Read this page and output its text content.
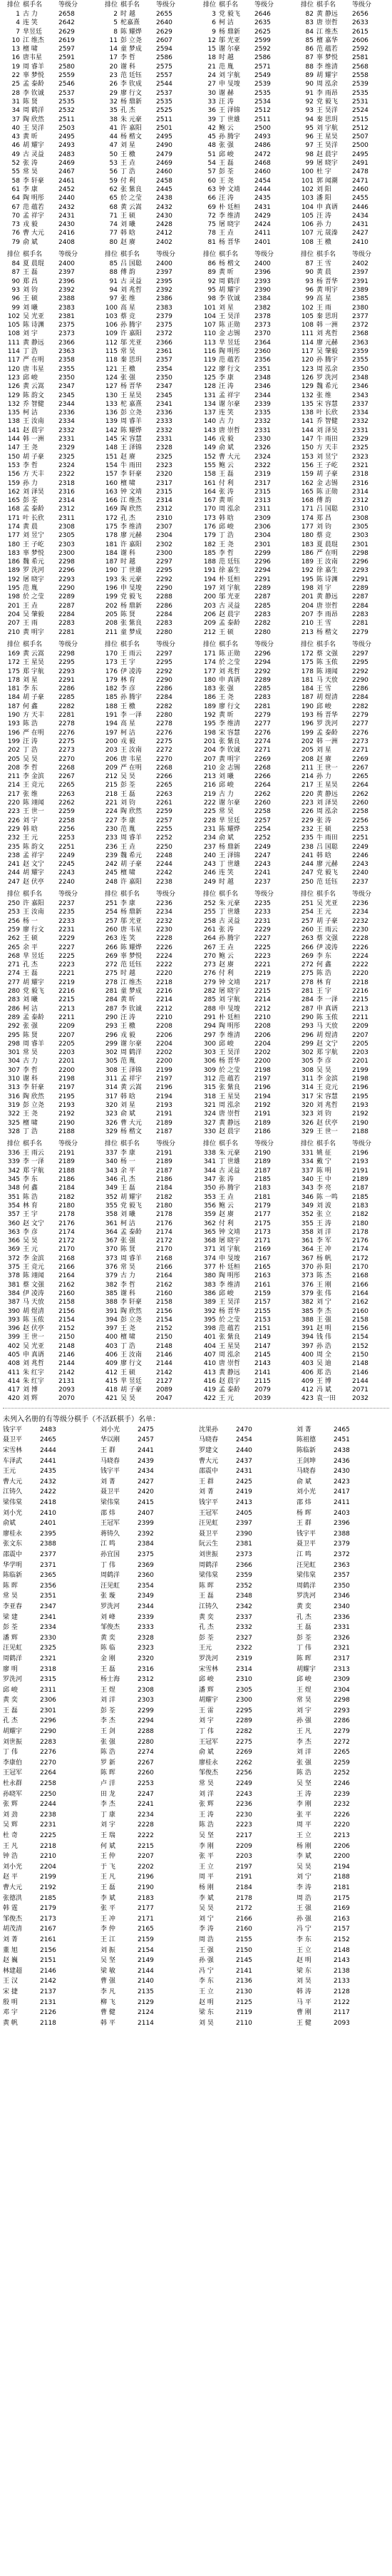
排位 棋手名	等级分
1 古 力	2658
4 连 笑	2642
7 芈昱廷	2629
10 江 维杰 2619
13 檀 啸	2597
16 唐韦星	2591
19 周 睿羊 2580
22 辜 梦悦 2559
25 孟 泰龄 2546
28 李 钦诚 2537
31 陈 贤	2535
34 周 鹤洋 2532
37 陶 欣然 2511
40 王 昊洋 2503
43 黄 昕	2495
46 胡 耀宇 2493
49 古 灵益 2483
52 张 涛	2469
55 常 昊	2467
58 李 轩豪 2461
61 李 康	2452
64 陶 明彤 2440
67 范 蕴若 2432
70 孟 祥宇 2431
73 戎 毅	2430
76 曹 大元 2416
79 俞 斌	2408
排位 棋手名	等级分
2 时 越	2655
5 柁嘉熹	2640
8 陈 耀烨 2629
11 彭 立尧 2607
14 童 梦成 2594
17 李 哲	2586
20 谢 科	2575
23 范 廷钰 2557
26 李 钦成 2544
29 廖 行文 2537
32 杨 鼎新 2535
35 孔 杰	2525
38 朱 元豪 2511
41 许 嘉阳 2501
44 杨 楷文 2495
47 刘 星	2490
50 王 檄	2479
53 王 垚	2469
56 丁 浩	2460
59 付 利	2458
62 张 紫良 2445
65 於 之莹 2438
68 黄 云嵩 2432
71 王 硕	2430
74 刘 曦	2428
77 韩 晗	2412
80 赵 赓	2402
排位 棋手名	等级分
3 党 毅飞 2646
6 柯 洁	2635
9 杨 鼎新 2625
12 邬 光亚 2599
15 谢 尔豪 2592
18 时 越	2586
21 范 胤	2571
24 刘 宇航 2549
27 申 旻埈 2539
30 谢 赫	2535
33 汪 涛	2534
36 王 泽锦 2512
39 丁 世雄 2511
42 鲍 云	2500
45 孙 腾宇 2493
48 张 强	2486
51 邱 峻	2472
54 王 磊	2468
57 彭 荃	2460
60 王 尧	2454
63 钟 文靖 2444
66 汪 涛	2435
69 朴 廷桓 2431
72 李 维清 2429
75 屠 晓宇 2424
78 王 垚	2411
81 杨 晋华 2401
排位 棋手名	等级分
82 黄 静远 2656
83 唐 崇哲 2633
84 江 维杰 2615
85 檀 嘉华 2606
86 范 蕴若 2592
87 辜 梦悦 2581
88 李 维清 2568
89 胡 耀宇 2558
90 周 泓余 2539
91 李 雨昂 2535
92 党 毅飞 2531
93 王 昊洋 2524
94 秦 思玥 2515
95 刘 宇航 2512
96 王 星昊 2507
97 王 昊洋 2500
98 赵 晨宇 2495
99 屠 晓宇 2491
100 杜 宇	2478
101 郭 闻潮 2471
102 刘 阳	2460
103 潘 阳	2455
104 申 真谞 2446
105 汪 涛	2434
106 孙 力	2431
107 元 晟溱 2427
108 王 檄	2410
排位 棋手名	等级分
84 夏 晨琨 2400
87 王 磊	2397
90 郑 昌	2396
93 刘 钧	2392
96 王 硕	2388
99 刘 曦	2383
102 吴 光亚 2381
105 陈 诗渊 2375
108 刘 宇	2373
111 黄 静远 2366
114 丁 浩	2363
117 严 在明 2358
120 唐 韦星 2355
123 邱 峻	2350
126 黄 云嵩 2347
129 陈 韵文 2345
132 乔 智健 2344
135 柯 洁	2336
138 王 汝南 2334
141 赵 晨宇 2332
144 韩 一洲 2331
147 王 尧	2329
150 胡 子豪 2325
153 李 哲	2324
156 方 天丰 2322
159 孙 力	2318
162 刘 泽昊 2316
165 彭 荃	2314
168 孟 泰龄 2312
171 叶 长欣 2311
174 黄 晨	2308
177 刘 昱宁 2305
180 王 子屹 2303
183 辜 梦悦 2300
186 魏 希元 2298
189 罗 洗河 2296
192 屠 晓宇 2293
195 范 胤	2290
198 於 之莹 2289
201 王 垚	2287
204 吴 肇毅 2284
207 王 雨	2283
210 黄 明宇 2281
排位 棋手名	等级分
85 吕 国聪 2400
88 傅 韵	2397
91 古 灵益 2395
94 刘 兆哲 2392
97 张 维	2386
100 高 星	2383
103 蔡 竞	2379
106 孙 腾宇 2375
109 许 嘉阳 2372
112 邬 光亚 2366
115 常 昊	2361
118 秦 思玥 2357
121 王 檄	2354
124 张 强	2350
127 杨 晋华 2347
130 王 星昊 2345
133 柁 嘉熹 2341
136 彭 立尧 2336
139 周 睿羊 2333
142 陈 耀烨 2332
145 宋 容慧 2331
148 王 泽锦 2328
151 赵 赓	2325
154 牛 雨田 2323
157 李 轩豪 2320
160 檀 啸	2317
163 钟 文靖 2315
166 江 维杰 2314
169 陶 欣然 2312
172 孔 杰	2310
175 李 维清 2307
178 廖 元赫 2304
181 许 嘉阳 2302
184 谢 科	2300
187 时 越	2297
190 丁 世雄 2295
193 朱 元豪 2292
196 申 旻埈 2290
199 党 毅飞 2288
202 杨 鼎新 2286
205 陈 贤	2284
208 张 紫良 2283
211 童 梦成 2280
排位 棋手名	等级分
86 杨 楷文 2400
89 黄 昕	2396
92 周 鹤洋 2393
95 胡 耀宇 2390
98 李 钦诚 2384
101 刘 星	2382
104 王 昊洋 2378
107 陈 正勋 2373
110 金 志锡 2370
113 芈 昱廷 2364
116 陶 明彤 2360
119 范 蕴若 2356
122 廖 行文 2351
125 李 康	2348
128 汪 涛	2346
131 孟 祥宇 2344
134 谢 尔豪 2339
137 连 笑	2335
140 古 力	2332
143 唐 崇哲 2331
146 戎 毅	2330
149 俞 斌	2326
152 曹 大元 2324
155 鲍 云	2322
158 王 磊	2319
161 付 利	2317
164 张 涛	2315
167 黄 昕	2313
170 周 泓余 2311
173 韩 晗	2309
176 邱 峻	2306
179 丁 浩	2304
182 王 尧	2301
185 李 哲	2299
188 范 廷钰 2296
191 徐 嘉生 2294
194 朴 廷桓 2291
197 刘 宇航 2289
200 邬 光亚 2287
203 古 灵益 2285
206 赵 晨宇 2283
209 孟 泰龄 2282
212 王 硕	2280
排位 棋手名	等级分
87 王 雪	2402
90 黄 晨	2397
93 杨 晋华 2391
96 黄 明宇 2389
99 高 星	2385
102 王 雨	2380
105 秦 思玥 2377
108 韩 一洲 2372
111 刘 兆哲 2368
114 廖 元赫 2363
117 吴 肇毅 2359
120 孙 腾宇 2355
123 周 泓余 2350
126 罗 洗河 2348
129 魏 希元 2346
132 张 维	2343
135 宋 容慧 2337
138 叶 长欣 2334
141 乔 智健 2332
144 刘 泽昊 2331
147 牛 雨田 2329
150 方 天丰 2325
153 刘 昱宁 2323
156 王 子屹 2321
159 胡 子豪 2318
162 金 志锡 2316
165 陈 正勋 2314
168 傅 韵	2312
171 吕 国聪 2310
174 郑 昌	2308
177 刘 钧	2305
180 蔡 竞	2303
183 夏 晨琨 2301
186 严 在明 2298
189 王 汝南 2296
192 徐 嘉生 2293
195 陈 诗渊 2291
198 刘 宇	2289
201 黄 静远 2287
204 唐 崇哲 2284
207 李 雨昂 2283
210 王 雪	2281
213 杨 楷文 2279
排位 棋手名	等级分
169 黄 云嵩 2298
172 王 星昊 2295
175 郑 宇航 2293
178 刘 星	2291
181 李 东	2286
184 胡 子豪 2285
187 何 鑫	2282
190 方 天丰 2281
193 陈 浩	2278
196 严 在明 2276
199 汪 涛	2275
202 丁 浩	2273
205 吴 昊	2270
208 李 哲	2268
211 李 金滨 2267
214 王 竞元 2265
217 张 维	2263
220 陈 翊闻 2262
223 王 世一 2259
226 刘 宇	2258
229 韩 晗	2256
232 王 元	2253
235 陈 韵文 2251
238 孟 祥宇 2249
241 赵 文宁 2245
244 胡 耀宇 2243
247 赵 伏亭 2240
排位 棋手名	等级分
170 王 雨云 2297
173 王 宇	2295
176 伊 凌涛 2292
179 林 育	2290
182 李 彦	2286
185 孙 腾宇 2284
188 王 檄	2282
191 李 一泽 2280
194 高 星	2278
197 柯 洁	2276
200 戎 毅	2275
203 王 汝南 2272
206 唐 韦星 2270
209 严 在明 2268
212 吴 昊	2266
215 彭 荃	2265
218 王 磊	2263
221 刘 钧	2261
224 陶 欣然 2259
227 李 康	2257
230 范 胤	2255
233 周 睿羊 2252
236 王 垚	2250
239 魏 希元 2248
242 胡 子豪 2244
245 檀 啸	2242
248 许 嘉阳 2238
排位 棋手名	等级分
171 陈 正勋 2296
174 於 之莹 2294
177 刘 兆哲 2292
180 申 真谞 2289
183 张 强	2285
186 王 尧	2283
189 廖 行文 2281
192 黄 昕	2279
195 李 维清 2277
198 宋 容慧 2276
201 张 紫良 2274
204 李 钦诚 2271
207 黄 明宇 2269
210 金 志锡 2268
213 刘 曦	2266
216 邱 峻	2264
219 古 力	2262
222 谢 尔豪 2260
225 常 昊	2258
228 芈 昱廷 2257
231 陈 耀烨 2254
234 俞 斌	2252
237 杨 鼎新 2249
240 王 泽锦 2247
243 丁 世雄 2243
246 连 笑	2241
249 时 越	2237
排位 棋手名	等级分
172 蔡 文强 2297
175 陈 玉侬 2295
178 陈 翊闻 2292
181 马 天放 2290
184 王 雪	2286
187 胡 煜清 2284
190 邱 峻	2282
193 杨 晋华 2279
196 罗 洗河 2277
199 孟 泰龄 2276
202 韩 一洲 2273
205 刘 星	2271
208 赵 赓	2269
211 王 世一 2267
214 孙 力	2265
217 王 星昊 2264
220 黄 静远 2262
223 刘 泽昊 2260
226 周 泓余 2258
229 张 涛	2256
232 王 硕	2253
235 牛 雨田 2251
238 吕 国聪 2249
241 韩 晗	2246
244 廖 元赫 2243
247 党 毅飞 2240
250 范 廷钰 2237
排位 棋手名	等级分
250 许 嘉阳 2237
253 王 汝南 2235
256 杨 一	2233
259 廖 行文 2231
262 王 硕	2229
265 余 平	2227
268 芈 昱廷 2225
271 孔 杰	2223
274 王 磊	2221
277 胡 耀宇 2219
280 党 毅飞 2216
283 刘 曦	2215
286 柯 洁	2213
289 孟 泰龄 2211
292 张 强	2209
295 陈 贤	2207
298 周 睿羊 2205
301 常 昊	2203
304 古 力	2201
307 李 哲	2200
310 谢 科	2198
313 李 轩豪 2197
316 陶 欣然 2195
319 彭 立尧 2193
322 王 尧	2192
325 檀 啸	2190
328 丁 浩	2188
排位 棋手名	等级分
251 李 康	2236
254 杨 鼎新 2234
257 邬 光亚 2232
260 唐 韦星 2230
263 连 笑	2228
266 陈 耀烨 2226
269 辜 梦悦 2224
272 范 廷钰 2222
275 时 越	2220
278 江 维杰 2218
281 童 梦成 2216
284 黄 昕	2214
287 李 钦诚 2212
290 汪 涛	2210
293 王 檄	2208
296 戎 毅	2206
299 谢 尔豪 2204
302 周 鹤洋 2202
305 范 胤	2200
308 王 泽锦 2199
311 孟 祥宇 2197
314 黄 云嵩 2196
317 韩 晗	2194
320 刘 星	2193
323 俞 斌	2191
326 曹 大元 2189
329 杨 楷文 2187
排位 棋手名	等级分
252 朱 元豪 2235
255 丁 世雄 2233
258 古 灵益 2231
261 张 涛	2229
264 孙 腾宇 2227
267 王 垚	2225
270 鲍 云	2223
273 赵 赓	2221
276 付 利	2219
279 钟 文靖 2217
282 屠 晓宇 2215
285 刘 宇航 2214
288 申 旻埈 2212
291 朴 廷桓 2210
294 陶 明彤 2208
297 李 维清 2206
300 邱 峻	2204
303 王 昊洋 2202
306 杨 晋华 2200
309 於 之莹 2198
312 范 蕴若 2197
315 张 紫良 2196
318 王 星昊 2194
321 周 泓余 2192
324 唐 崇哲 2191
327 黄 静远 2189
330 赵 晨宇 2186
排位 棋手名	等级分
251 吴 光亚 2236
254 王 元	2234
257 胡 子豪 2232
260 王 雨云 2230
263 蔡 文强 2228
266 伊 凌涛 2226
269 李 东	2224
272 何 鑫	2222
275 陈 浩	2220
278 林 育	2218
281 王 宇	2216
284 李 一泽 2215
287 申 真谞 2213
290 陈 玉侬 2211
293 马 天放 2209
296 胡 煜清 2207
299 赵 文宁 2205
302 郑 宇航 2203
305 李 彦	2201
308 吴 昊	2199
311 李 金滨 2198
314 王 竞元 2196
317 宋 容慧 2195
320 刘 兆哲 2193
323 刘 钧	2192
326 赵 伏亭 2190
329 王 世一 2188
排位 棋手名	等级分
336 王 雨云 2191
339 李 一泽 2189
342 郑 宇航 2188
345 李 东	2186
348 何 鑫	2184
351 陈 浩	2182
354 林 育	2180
357 王 宇	2178
360 赵 文宁 2176
363 李 彦	2174
366 吴 昊	2172
369 王 元	2170
372 李 金滨 2168
375 王 竞元 2166
378 陈 翊闻 2164
381 蔡 文强 2162
384 伊 凌涛 2160
387 马 天放 2158
390 胡 煜清 2156
393 陈 玉侬 2154
396 赵 伏亭 2152
399 王 世一 2150
402 吴 光亚 2148
405 申 真谞 2146
408 刘 兆哲 2144
411 朱 红宇 2142
414 朱 红宇 2131
417 刘 博	2093
420 刘 辉	2070
排位 棋手名	等级分
337 李 康	2191
340 杨 一	2189
343 余 平	2187
346 孔 杰	2186
349 王 磊	2184
352 胡 耀宇 2182
355 党 毅飞 2180
358 刘 曦	2178
361 柯 洁	2176
364 孟 泰龄 2174
367 张 强	2172
370 陈 贤	2170
373 周 睿羊 2168
376 常 昊	2166
379 古 力	2164
382 李 哲	2162
385 谢 科	2160
388 李 轩豪 2158
391 陶 欣然 2156
394 彭 立尧 2154
397 王 尧	2152
400 檀 啸	2150
403 丁 浩	2148
406 王 汝南 2146
409 廖 行文 2144
412 王 硕	2142
415 芈 昱廷 2127
418 胡 子豪 2089
421 吴 昊	2047
排位 棋手名	等级分
338 朱 元豪 2190
341 丁 世雄 2189
344 古 灵益 2187
347 张 涛	2185
350 孙 腾宇 2183
353 王 垚	2181
356 鲍 云	2179
359 赵 赓	2177
362 付 利	2175
365 钟 文靖 2173
368 屠 晓宇 2171
371 刘 宇航 2169
374 申 旻埈 2167
377 朴 廷桓 2165
380 陶 明彤 2163
383 李 维清 2161
386 邱 峻	2159
389 王 昊洋 2157
392 杨 晋华 2155
395 於 之莹 2153
398 范 蕴若 2151
401 张 紫良 2149
404 王 星昊 2147
407 周 泓余 2145
410 唐 崇哲 2143
413 黄 静远 2141
416 赵 晨宇 2115
419 孟 泰龄 2079
422 王 元	2039
排位 棋手名	等级分
331 姚 征	2196
334 戴 宁	2193
337 陈 明	2191
340 王 中	2189
343 李 亮	2187
346 陈 一鸣 2185
349 刘 波	2183
352 张 立	2182
355 王 涛	2180
358 刘 洋	2178
361 李 军	2176
364 王 冲	2174
367 杨 帆	2172
370 孙 阳	2170
373 陈 杰	2168
376 王 刚	2166
379 张 伟	2164
382 刘 宁	2162
385 李 杰	2160
388 王 强	2158
391 赵 明	2156
394 钱 伟	2154
397 孙 浩	2152
400 周 全	2150
403 吴 迪	2148
406 郑 浩	2146
409 王 博	2144
412 冯 斌	2071
423 袁一田	2032
未列入名册的有等级分棋手（不活跃棋手）名单：
钱宇平	2483
聂卫平	2465
宋雪林	2444
车泽武	2441
王元	2435
曹大元	2432
江铸久	2422
梁伟棠	2418
刘小光	2410
俞斌	2401
廖桂永	2395
张文东	2388
邵震中	2377
华学明	2371
陈临新	2365
陈 晖	2356
常 昊	2351
李亚春	2347
梁 建	2341
彭 荃	2334
潘 辉	2330
汪见虹	2325
周鹤洋	2321
廖 明	2318
罗洗河	2315
邱 峻	2311
黄 奕	2306
王 磊	2301
孔 杰	2296
胡耀宇	2290
刘世振	2283
丁 伟	2276
李康伯	2270
王冠军	2264
杜永群	2258
孙晓军	2250
张 辉	2244
刘 劲	2238
吴 辉	2231
杜 奇	2225
王 凡	2218
钟 浩	2210
刘小光	2204
赵 平	2199
曹大元	2192
张德洪	2185
韩 霆	2179
邹俊杰	2173
胡茂清	2167
刘 菁	2161
董 旭	2156
赵 巍	2151
林建超	2146
王 汉	2142
宋 捷	2137
殷 明	2131
邓 宇	2126
黄 帆	2118
刘小光	2475
华以刚	2457
王 群	2441
马晓春	2439
钱宇平	2434
刘 菁	2427
聂卫平	2420
梁伟棠	2415
邵 炜	2407
王冠军	2399
蒋铸久	2392
江 鸣	2384
孙宜国	2375
丁 伟	2369
周鹤洋	2360
汪见虹	2354
张 璇	2349
罗洗河	2344
刘 峰	2339
邹俊杰	2333
黄 奕	2328
陈 临	2323
金 刚	2320
王 磊	2316
杨士海	2312
王 煜	2308
刘 洋	2303
彭 荃	2299
李 杰	2294
王 剑	2288
张 强	2280
陈 浩	2274
罗 新	2267
陈 晖	2260
卢 洋	2253
田 龙	2247
李 杰	2241
丁 康	2234
刘 宇	2228
王 瑞	2222
何 斌	2215
王 仲	2207
于 飞	2202
王 凡	2196
王 磊	2190
李 斌	2183
张 平	2177
王 冲	2171
李 仲	2165
王 江	2159
刘 振	2154
吴 坚	2149
梁 敏	2144
曹 强	2140
李 凡	2135
柳 飞	2129
曹 健	2124
韩 平	2114
沈果孙	2470
马晓春	2454
罗建文	2440
曹大元	2437
邵震中	2431
王 群	2425
刘 菁	2419
钱宇平	2413
王冠军	2405
汪见虹	2397
聂卫平	2390
阮云生	2381
刘世振	2373
周鹤洋	2366
梁伟棠	2359
陈 晖	2352
王 磊	2348
江铸久	2342
黄 奕	2337
孔 杰	2332
彭 荃	2327
王元	2322
罗洗河	2319
宋雪林	2314
邱 峻	2310
潘 辉	2305
胡耀宇	2300
王 雷	2295
刘 宇	2289
丁 伟	2282
王冠军	2275
俞 斌	2269
廖桂永	2262
邹俊杰	2256
常 昊	2249
刘 洋	2243
张 辉	2236
王 涛	2230
陈 浩	2223
吴 坚	2217
李 刚	2209
张 平	2203
王 立	2197
周 平	2191
杨 刚	2184
李 斌	2178
吴 昊	2172
刘 宁	2166
李 涛	2160
周 浩	2155
王 强	2150
孙 强	2145
冯 宁	2141
李 东	2136
王 立	2130
赵 明	2125
梁 东	2119
刘 昊	2110
刘 菁	2465
陈祖德	2451
陈临新	2438
王剑坤	2436
马晓春	2430
俞 斌	2423
刘小光	2417
邵 炜	2411
杨 晖	2403
王 群	2396
钱宇平	2388
聂卫平	2379
江 鸣	2372
汪见虹	2363
梁伟棠	2357
周鹤洋	2350
罗洗河	2346
黄 奕	2340
孔 杰	2336
王 磊	2331
彭 荃	2326
丁 伟	2321
陈 晖	2317
胡耀宇	2313
邱 峻	2309
王 煜	2304
常 昊	2298
刘 宇	2293
孙 强	2286
王 凡	2279
李 杰	2272
刘 洋	2265
张 强	2259
陈 浩	2252
吴 坚	2246
王 涛	2239
李 刚	2232
张 平	2226
周 平	2220
王 立	2213
杨 刚	2206
李 斌	2200
吴 昊	2194
刘 宁	2188
李 涛	2181
周 浩	2175
王 强	2169
孙 强	2163
冯 宁	2157
李 东	2152
王 立	2148
赵 明	2143
梁 东	2138
刘 昊	2133
韩 涛	2128
马 平	2122
曹 刚	2117
王 健	2093
